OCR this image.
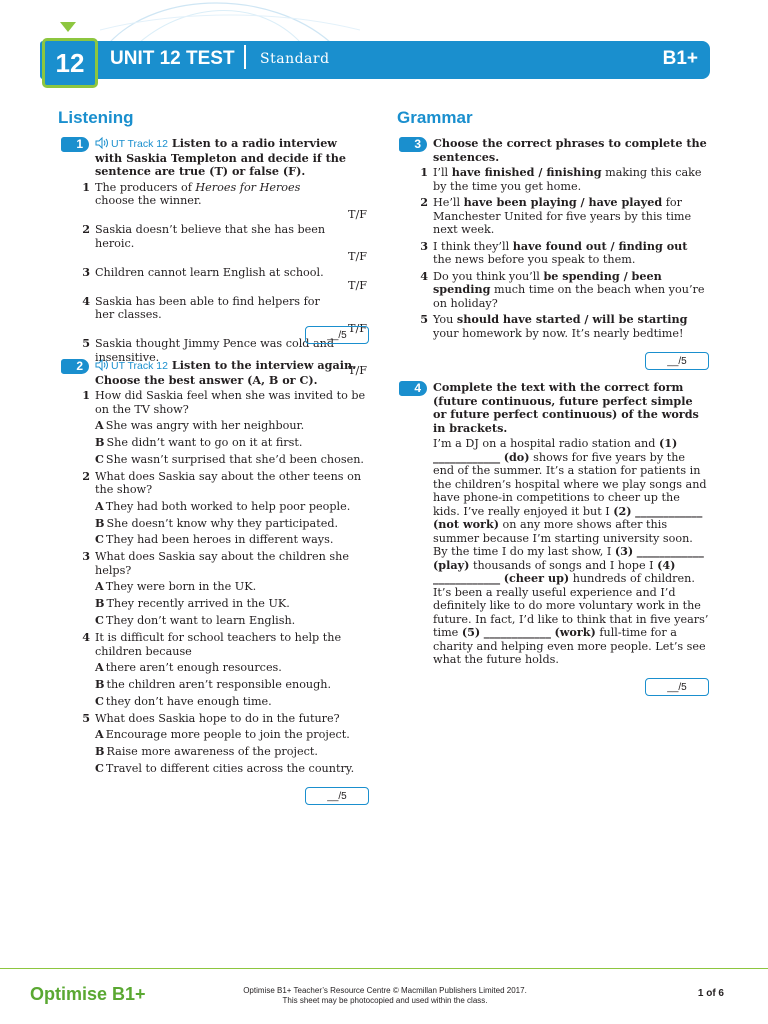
12	UNIT 12 TEST Standard	B1+
Listening
1	UT Track 12 Listen to a radio interview with Saskia Templeton and decide if the sentence are true (T) or false (F).
1 The producers of Heroes for Heroes choose the winner.
T/F
2 Saskia doesn’t believe that she has been heroic.
T/F
3 Children cannot learn English at school.
T/F
4 Saskia has been able to find helpers for her classes.
T/F
5 Saskia thought Jimmy Pence was cold and insensitive.
T/F
__/5
2	UT Track 12 Listen to the interview again. Choose the best answer (A, B or C).
1 How did Saskia feel when she was invited to be on the TV show?
A She was angry with her neighbour.
B She didn’t want to go on it at first.
C She wasn’t surprised that she’d been chosen.
2 What does Saskia say about the other teens on the show?
A They had both worked to help poor people.
B She doesn’t know why they participated.
C They had been heroes in different ways.
3 What does Saskia say about the children she helps?
A They were born in the UK.
B They recently arrived in the UK.
C They don’t want to learn English.
4 It is difficult for school teachers to help the children because
A there aren’t enough resources.
B the children aren’t responsible enough.
C they don’t have enough time.
5 What does Saskia hope to do in the future?
A Encourage more people to join the project.
B Raise more awareness of the project.
C Travel to different cities across the country.
__/5
Grammar
3	Choose the correct phrases to complete the sentences.
1 I’ll have finished / finishing making this cake by the time you get home.
2 He’ll have been playing / have played for Manchester United for five years by this time next week.
3 I think they’ll have found out / finding out the news before you speak to them.
4 Do you think you’ll be spending / been spending much time on the beach when you’re on holiday?
5 You should have started / will be starting your homework by now. It’s nearly bedtime!
__/5
4	Complete the text with the correct form (future continuous, future perfect simple or future perfect continuous) of the words in brackets.
I’m a DJ on a hospital radio station and (1) ____________ (do) shows for five years by the end of the summer. It’s a station for patients in the children’s hospital where we play songs and have phone-in competitions to cheer up the kids. I’ve really enjoyed it but I (2) ____________ (not work) on any more shows after this summer because I’m starting university soon. By the time I do my last show, I (3) ____________ (play) thousands of songs and I hope I (4) ____________ (cheer up) hundreds of children. It’s been a really useful experience and I’d definitely like to do more voluntary work in the future. In fact, I’d like to think that in five years’ time (5) ____________ (work) full-time for a charity and helping even more people. Let’s see what the future holds.
__/5
Optimise B1+	Optimise B1+ Teacher’s Resource Centre © Macmillan Publishers Limited 2017.
This sheet may be photocopied and used within the class.
1 of 6
